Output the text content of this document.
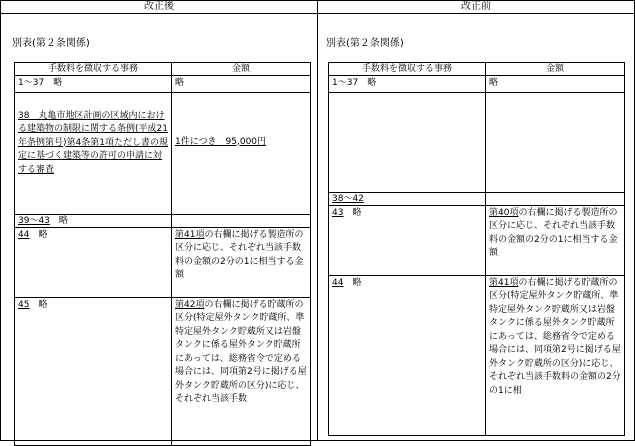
改正後	改正前
別表(第２条関係)
手数料を徴収する事務	金額
1～37　 略	略
38　 丸亀市地区計画の区域内における建築物の制限に関する条例(平成21年条例第号)第4条第1項ただし書の規定に基づく建築等の許可の申請に対する審査	1件につき　95,000円
39～43　 略	
44　 略	第41項の右欄に掲げる製造所の区分に応じ、それぞれ当該手数料の金額の2分の1に相当する金額
45　 略	第42項の右欄に掲げる貯蔵所の区分(特定屋外タンク貯蔵所、準特定屋外タンク貯蔵所又は岩盤タンクに係る屋外タンク貯蔵所にあっては、総務省令で定める場合には、同項第2号に掲げる屋外タンク貯蔵所の区分)に応じ、それぞれ当該手数
別表(第２条関係)
手数料を徴収する事務	金額
1～37　 略	略

38～42	
43　 略	第40項の右欄に掲げる製造所の区分に応じ、それぞれ当該手数料の金額の2分の1に相当する金額
44　 略	第41項の右欄に掲げる貯蔵所の区分(特定屋外タンク貯蔵所、準特定屋外タンク貯蔵所又は岩盤タンクに係る屋外タンク貯蔵所にあっては、総務省令で定める場合には、同項第2号に掲げる屋外タンク貯蔵所の区分)に応じ、それぞれ当該手数料の金額の2分の1に相
